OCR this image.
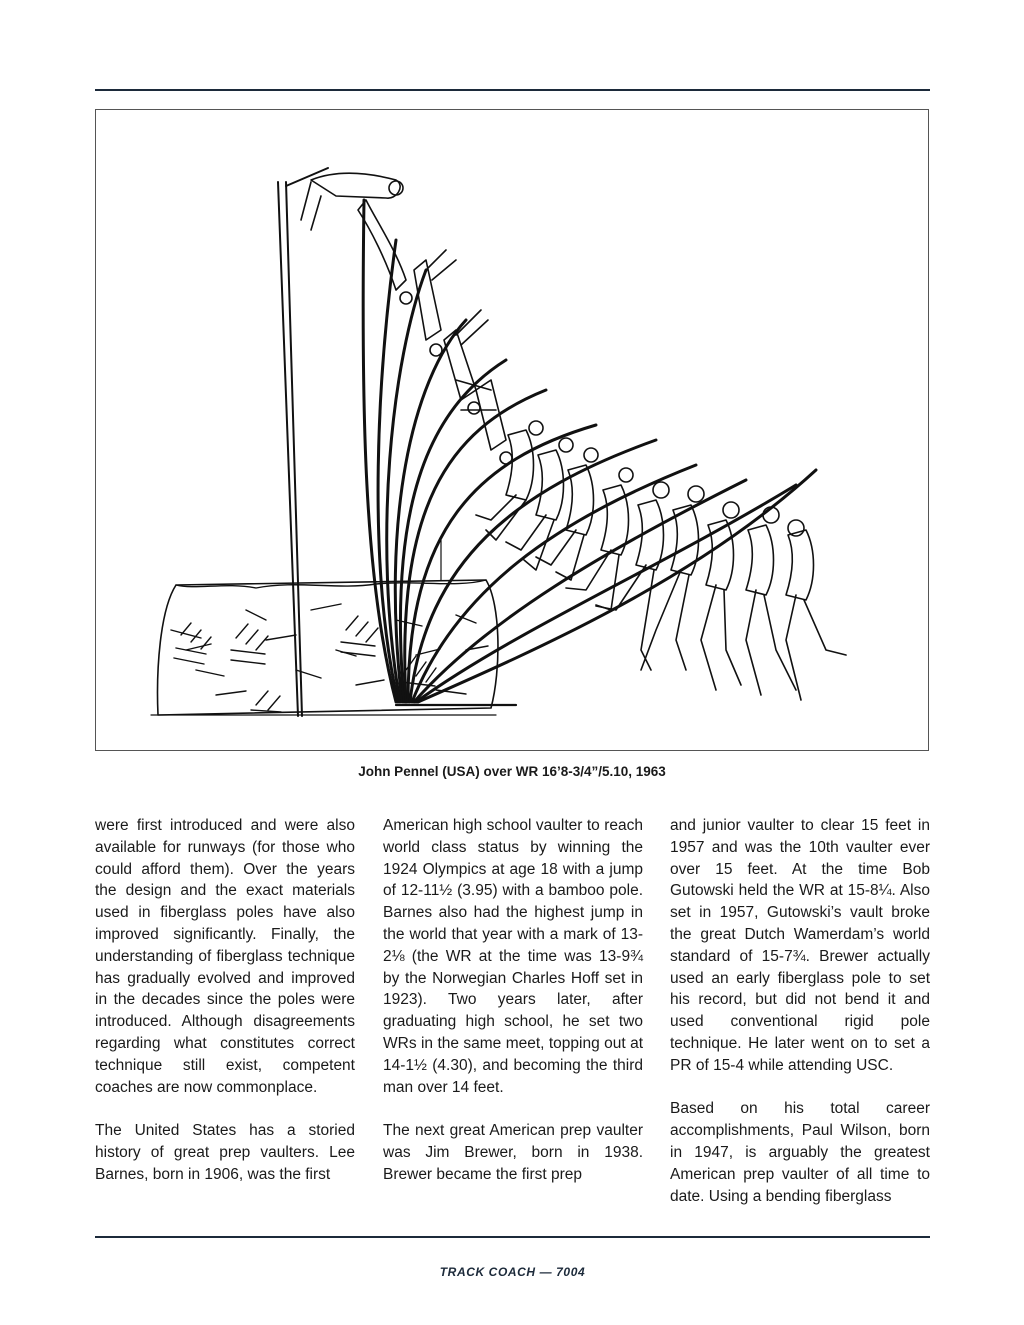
John Pennel (USA) over WR 16’8-3/4”/5.10, 1963

were first introduced and were also available for runways (for those who could afford them). Over the years the design and the exact materials used in fiberglass poles have also improved significantly. Finally, the understanding of fiberglass technique has gradually evolved and improved in the decades since the poles were introduced. Although disagreements regarding what constitutes correct technique still exist, competent coaches are now commonplace.

The United States has a storied history of great prep vaulters. Lee Barnes, born in 1906, was the first

American high school vaulter to reach world class status by winning the 1924 Olympics at age 18 with a jump of 12-11½ (3.95) with a bamboo pole. Barnes also had the highest jump in the world that year with a mark of 13-2⅛ (the WR at the time was 13-9¾ by the Norwegian Charles Hoff set in 1923). Two years later, after graduating high school, he set two WRs in the same meet, topping out at 14-1½ (4.30), and becoming the third man over 14 feet.

The next great American prep vaulter was Jim Brewer, born in 1938. Brewer became the first prep

and junior vaulter to clear 15 feet in 1957 and was the 10th vaulter ever over 15 feet. At the time Bob Gutowski held the WR at 15-8¼. Also set in 1957, Gutowski’s vault broke the great Dutch Wamerdam’s world standard of 15-7¾. Brewer actually used an early fiberglass pole to set his record, but did not bend it and used conventional rigid pole technique. He later went on to set a PR of 15-4 while attending USC.

Based on his total career accomplishments, Paul Wilson, born in 1947, is arguably the greatest American prep vaulter of all time to date. Using a bending fiberglass

TRACK COACH — 7004
